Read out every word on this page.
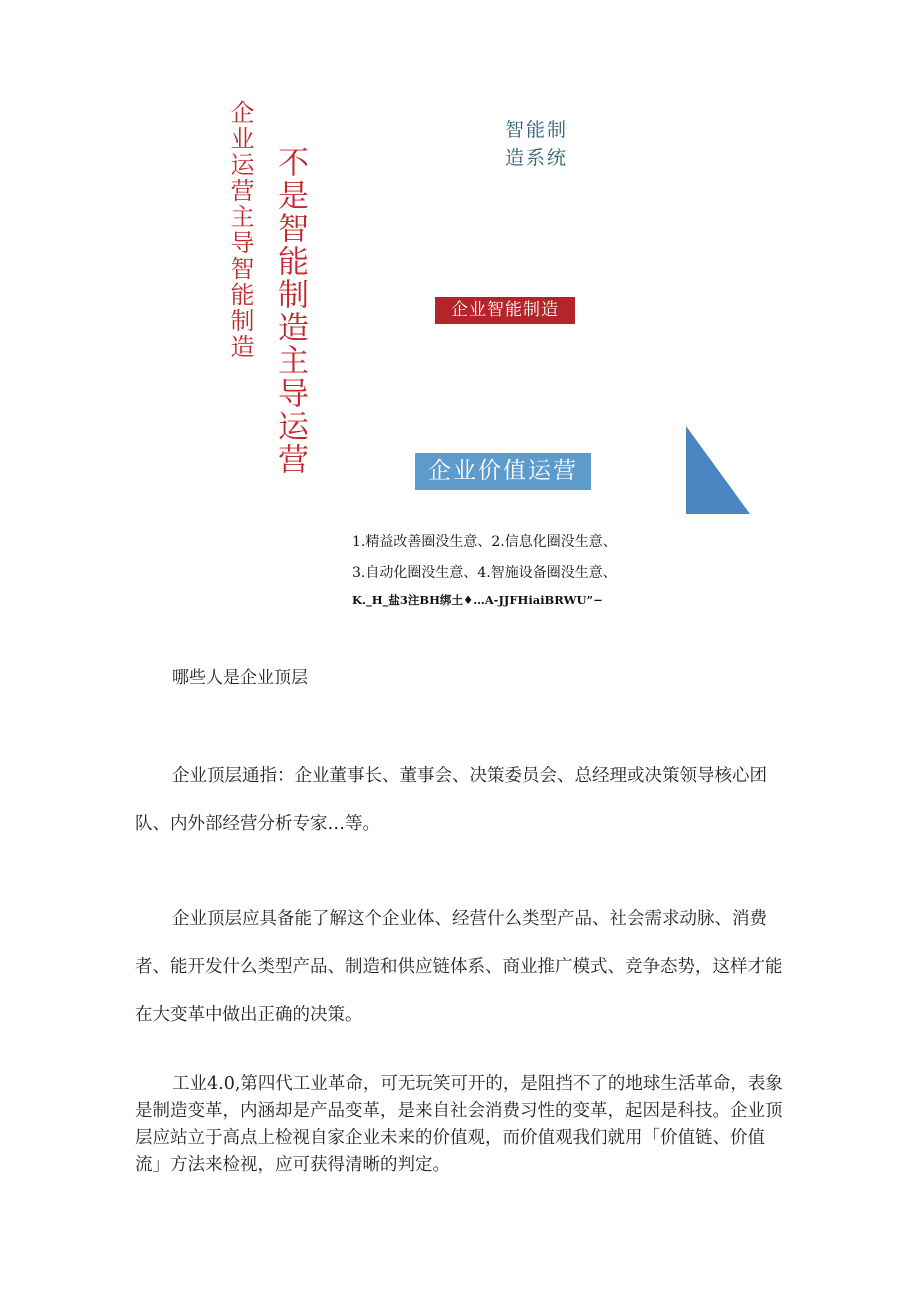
企业运营主导智能制造 不是智能制造主导运营
智能制造系统
企业智能制造
企业价值运营
1.精益改善圈没生意、2.信息化圈没生意、
3.自动化圈没生意、4.智施设备圈没生意、
K._H_盐3注BH绑土♦…A-JJFHiaiBRWU”−
哪些人是企业顶层
企业顶层通指：企业董事长、董事会、决策委员会、总经理或决策领导核心团队、内外部经营分析专家…等。
企业顶层应具备能了解这个企业体、经营什么类型产品、社会需求动脉、消费者、能开发什么类型产品、制造和供应链体系、商业推广模式、竞争态势，这样才能在大变革中做出正确的决策。
工业4.0,第四代工业革命，可无玩笑可开的，是阻挡不了的地球生活革命，表象是制造变革，内涵却是产品变革，是来自社会消费习性的变革，起因是科技。企业顶层应站立于高点上检视自家企业未来的价值观，而价值观我们就用「价值链、价值流」方法来检视，应可获得清晰的判定。
